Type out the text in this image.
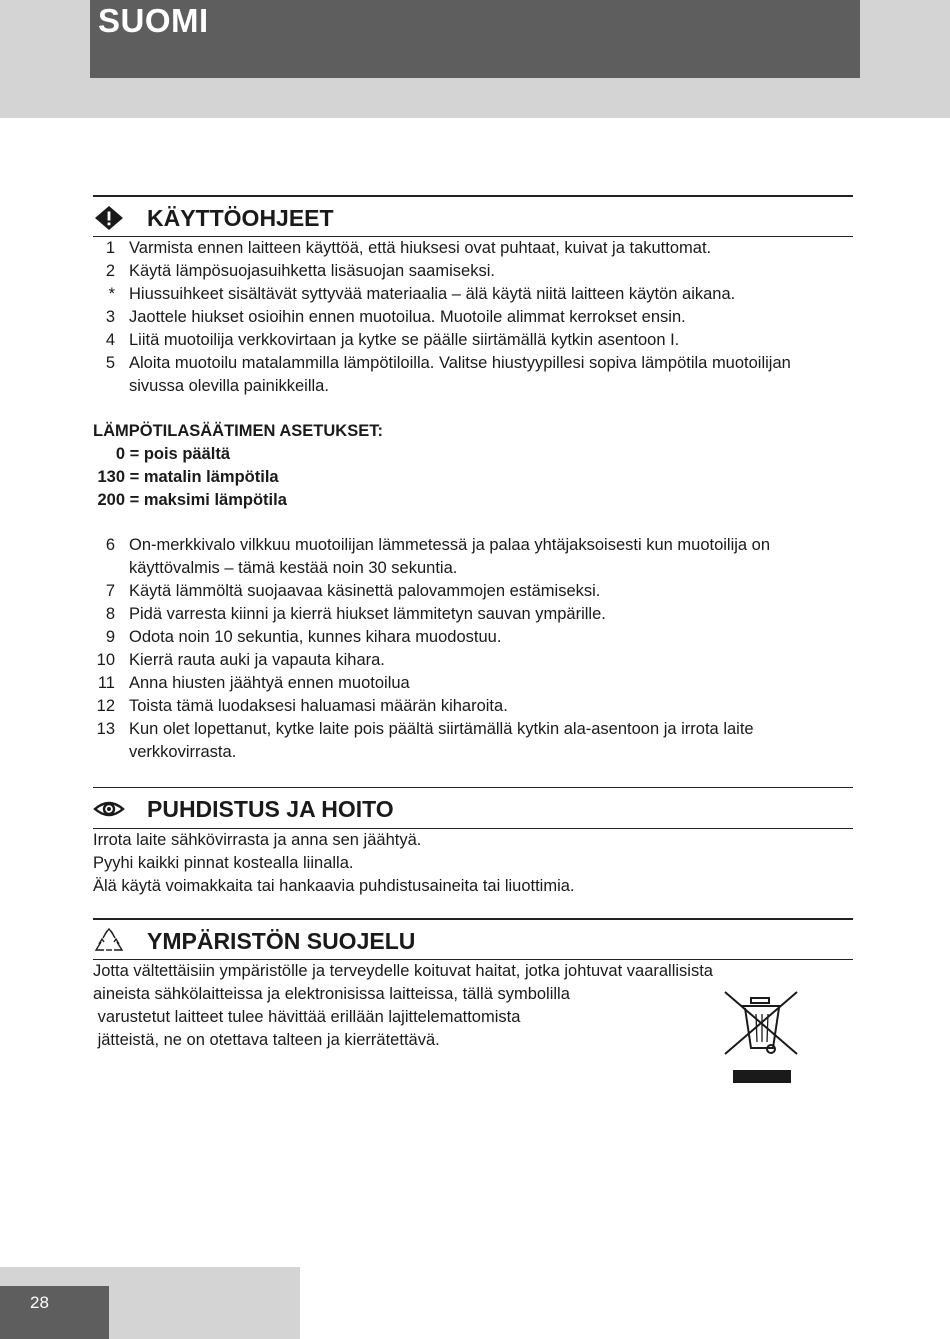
SUOMI
KÄYTTÖOHJEET
1 Varmista ennen laitteen käyttöä, että hiuksesi ovat puhtaat, kuivat ja takuttomat.
2 Käytä lämpösuojasuihketta lisäsuojan saamiseksi.
* Hiussuihkeet sisältävät syttyvää materiaalia – älä käytä niitä laitteen käytön aikana.
3 Jaottele hiukset osioihin ennen muotoilua. Muotoile alimmat kerrokset ensin.
4 Liitä muotoilija verkkovirtaan ja kytke se päälle siirtämällä kytkin asentoon I.
5 Aloita muotoilu matalammilla lämpötiloilla. Valitse hiustyypillesi sopiva lämpötila muotoilijan sivussa olevilla painikkeilla.
LÄMPÖTILASÄÄTIMEN ASETUKSET:
0 = pois päältä
130 = matalin lämpötila
200 = maksimi lämpötila
6 On-merkkivalo vilkkuu muotoilijan lämmetessä ja palaa yhtäjaksoisesti kun muotoilija on käyttövalmis – tämä kestää noin 30 sekuntia.
7 Käytä lämmöltä suojaavaa käsinettä palovammojen estämiseksi.
8 Pidä varresta kiinni ja kierrä hiukset lämmitetyn sauvan ympärille.
9 Odota noin 10 sekuntia, kunnes kihara muodostuu.
10 Kierrä rauta auki ja vapauta kihara.
11 Anna hiusten jäähtyä ennen muotoilua
12 Toista tämä luodaksesi haluamasi määrän kiharoita.
13 Kun olet lopettanut, kytke laite pois päältä siirtämällä kytkin ala-asentoon ja irrota laite verkkovirrasta.
PUHDISTUS JA HOITO
Irrota laite sähkövirrasta ja anna sen jäähtyä.
Pyyhi kaikki pinnat kostealla liinalla.
Älä käytä voimakkaita tai hankaavia puhdistusaineita tai liuottimia.
YMPÄRISTÖN SUOJELU
Jotta vältettäisiin ympäristölle ja terveydelle koituvat haitat, jotka johtuvat vaarallisista
aineista sähkölaitteissa ja elektronisissa laitteissa, tällä symbolilla
varustetut laitteet tulee hävittää erillään lajittelemattomista
jätteistä, ne on otettava talteen ja kierrätettävä.
28
